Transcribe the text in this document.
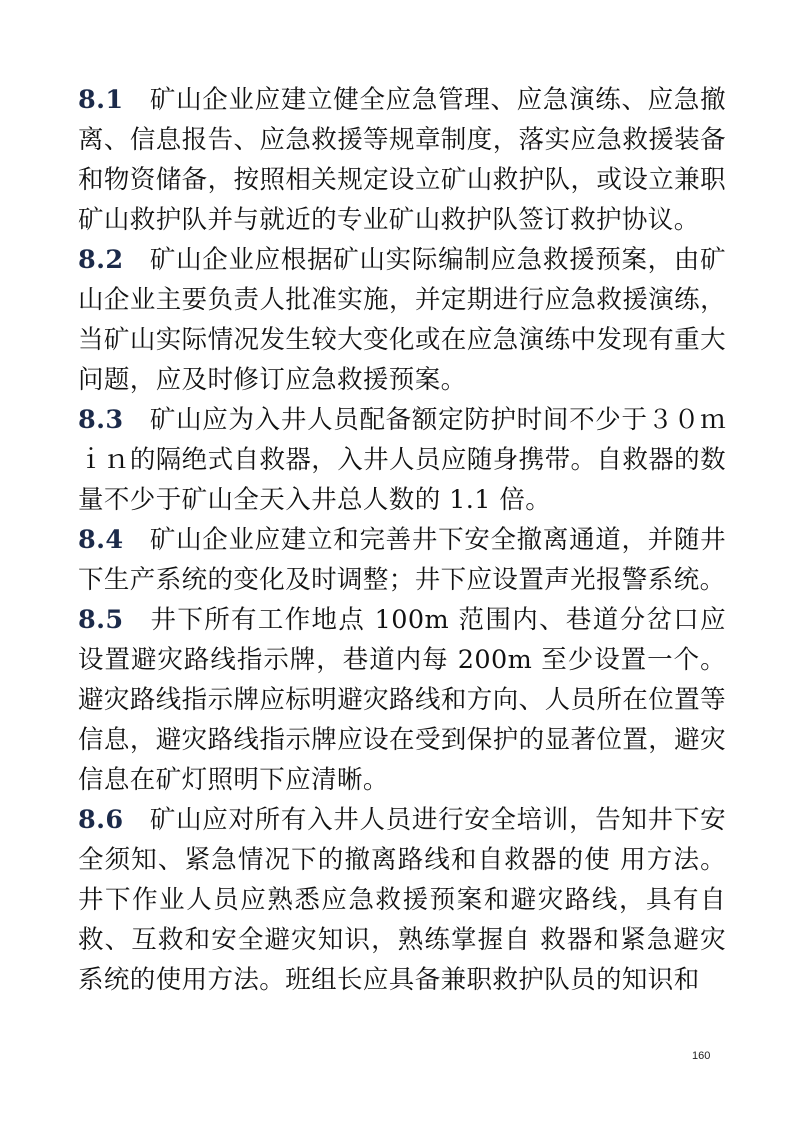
8.1 矿山企业应建立健全应急管理、应急演练、应急撤离、信息报告、应急救援等规章制度，落实应急救援装备和物资储备，按照相关规定设立矿山救护队，或设立兼职矿山救护队并与就近的专业矿山救护队签订救护协议。

8.2 矿山企业应根据矿山实际编制应急救援预案，由矿山企业主要负责人批准实施，并定期进行应急救援演练，当矿山实际情况发生较大变化或在应急演练中发现有重大问题，应及时修订应急救援预案。

8.3 矿山应为入井人员配备额定防护时间不少于３０ｍｉｎ的隔绝式自救器，入井人员应随身携带。自救器的数量不少于矿山全天入井总人数的 1.1 倍。

8.4 矿山企业应建立和完善井下安全撤离通道，并随井下生产系统的变化及时调整；井下应设置声光报警系统。

8.5 井下所有工作地点 100m 范围内、巷道分岔口应设置避灾路线指示牌，巷道内每 200m 至少设置一个。避灾路线指示牌应标明避灾路线和方向、人员所在位置等信息，避灾路线指示牌应设在受到保护的显著位置，避灾信息在矿灯照明下应清晰。

8.6 矿山应对所有入井人员进行安全培训，告知井下安全须知、紧急情况下的撤离路线和自救器的使 用方法。井下作业人员应熟悉应急救援预案和避灾路线，具有自救、互救和安全避灾知识，熟练掌握自 救器和紧急避灾系统的使用方法。班组长应具备兼职救护队员的知识和

160
